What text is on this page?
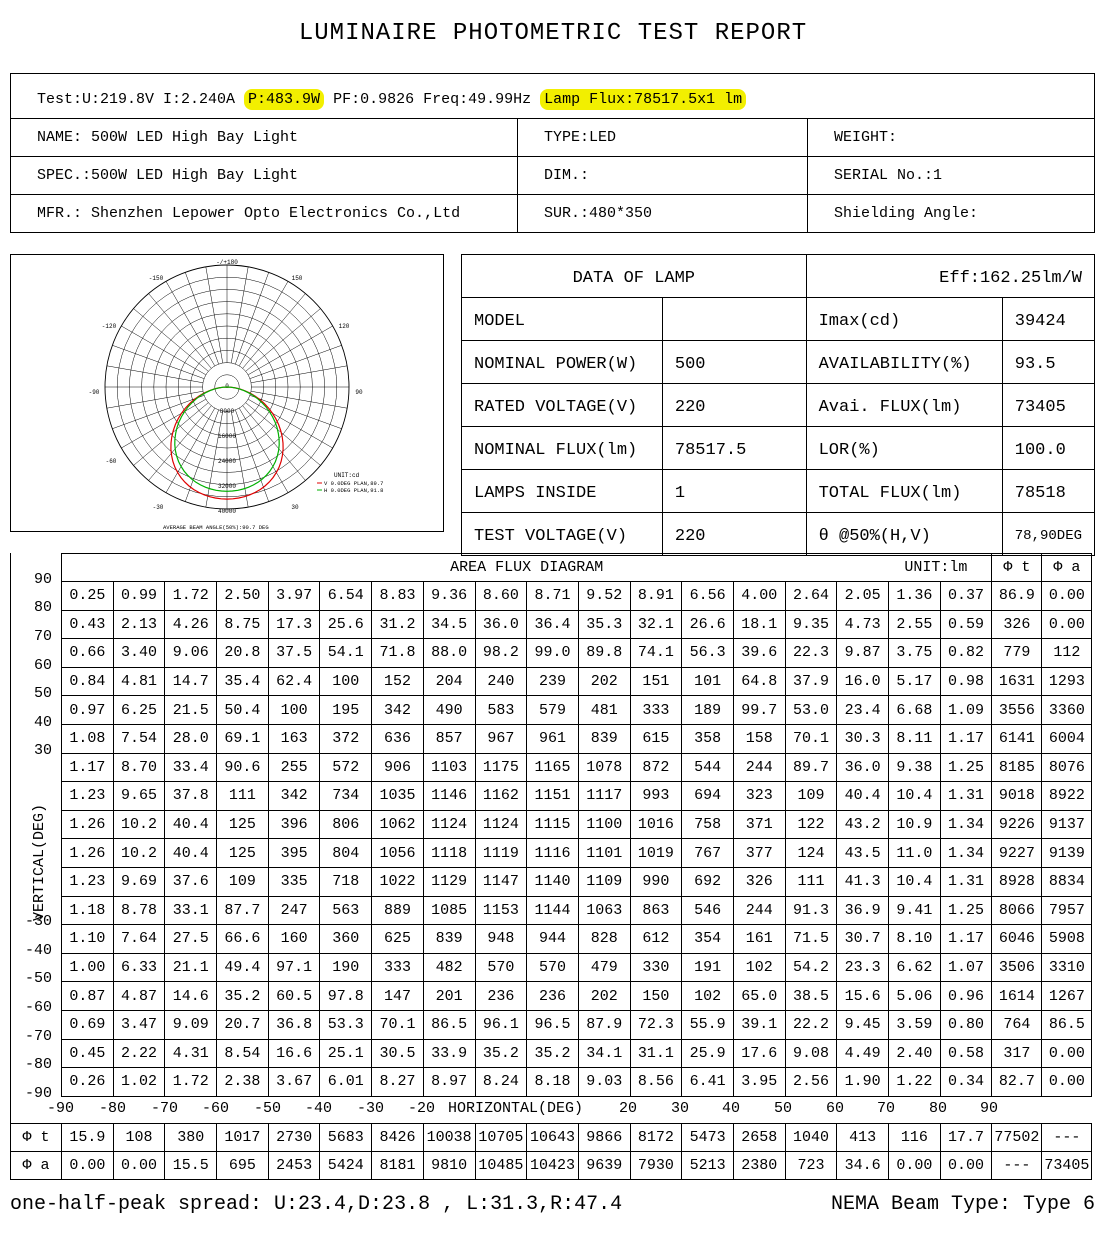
LUMINAIRE PHOTOMETRIC TEST REPORT
Test:U:219.8V I:2.240A P:483.9W PF:0.9826 Freq:49.99Hz Lamp Flux:78517.5x1 lm		
NAME: 500W LED High Bay Light	TYPE:LED	WEIGHT:
SPEC.:500W LED High Bay Light	DIM.:	SERIAL No.:1
MFR.: Shenzhen Lepower Opto Electronics Co.,Ltd	SUR.:480*350	Shielding Angle:
-/+180
-150	150
-120	120
-90	90
-60
-30	30
0
8000
16000
24000
32000
40000
UNIT:cd
V 0.0DEG PLAN,89.7
H 0.0DEG PLAN,91.8
AVERAGE BEAM ANGLE(50%):90.7 DEG
DATA OF LAMP		Eff:162.25lm/W	
MODEL		Imax(cd)	39424
NOMINAL POWER(W)	500	AVAILABILITY(%)	93.5
RATED VOLTAGE(V)	220	Avai. FLUX(lm)	73405
NOMINAL FLUX(lm)	78517.5	LOR(%)	100.0
LAMPS INSIDE	1	TOTAL FLUX(lm)	78518
TEST VOLTAGE(V)	220	θ @50%(H,V)	78,90DEG
90
80
70
60
50
40
30
-30
-40
-50
-60
-70
-80
-90
VERTICAL(DEG)
AREA FLUX DIAGRAM UNIT:lm																		Φ t	Φ a
0.25	0.99	1.72	2.50	3.97	6.54	8.83	9.36	8.60	8.71	9.52	8.91	6.56	4.00	2.64	2.05	1.36	0.37	86.9	0.00
0.43	2.13	4.26	8.75	17.3	25.6	31.2	34.5	36.0	36.4	35.3	32.1	26.6	18.1	9.35	4.73	2.55	0.59	326	0.00
0.66	3.40	9.06	20.8	37.5	54.1	71.8	88.0	98.2	99.0	89.8	74.1	56.3	39.6	22.3	9.87	3.75	0.82	779	112
0.84	4.81	14.7	35.4	62.4	100	152	204	240	239	202	151	101	64.8	37.9	16.0	5.17	0.98	1631	1293
0.97	6.25	21.5	50.4	100	195	342	490	583	579	481	333	189	99.7	53.0	23.4	6.68	1.09	3556	3360
1.08	7.54	28.0	69.1	163	372	636	857	967	961	839	615	358	158	70.1	30.3	8.11	1.17	6141	6004
1.17	8.70	33.4	90.6	255	572	906	1103	1175	1165	1078	872	544	244	89.7	36.0	9.38	1.25	8185	8076
1.23	9.65	37.8	111	342	734	1035	1146	1162	1151	1117	993	694	323	109	40.4	10.4	1.31	9018	8922
1.26	10.2	40.4	125	396	806	1062	1124	1124	1115	1100	1016	758	371	122	43.2	10.9	1.34	9226	9137
1.26	10.2	40.4	125	395	804	1056	1118	1119	1116	1101	1019	767	377	124	43.5	11.0	1.34	9227	9139
1.23	9.69	37.6	109	335	718	1022	1129	1147	1140	1109	990	692	326	111	41.3	10.4	1.31	8928	8834
1.18	8.78	33.1	87.7	247	563	889	1085	1153	1144	1063	863	546	244	91.3	36.9	9.41	1.25	8066	7957
1.10	7.64	27.5	66.6	160	360	625	839	948	944	828	612	354	161	71.5	30.7	8.10	1.17	6046	5908
1.00	6.33	21.1	49.4	97.1	190	333	482	570	570	479	330	191	102	54.2	23.3	6.62	1.07	3506	3310
0.87	4.87	14.6	35.2	60.5	97.8	147	201	236	236	202	150	102	65.0	38.5	15.6	5.06	0.96	1614	1267
0.69	3.47	9.09	20.7	36.8	53.3	70.1	86.5	96.1	96.5	87.9	72.3	55.9	39.1	22.2	9.45	3.59	0.80	764	86.5
0.45	2.22	4.31	8.54	16.6	25.1	30.5	33.9	35.2	35.2	34.1	31.1	25.9	17.6	9.08	4.49	2.40	0.58	317	0.00
0.26	1.02	1.72	2.38	3.67	6.01	8.27	8.97	8.24	8.18	9.03	8.56	6.41	3.95	2.56	1.90	1.22	0.34	82.7	0.00
HORIZONTAL(DEG)
-90 -80 -70 -60 -50 -40 -30 -20	20 30 40 50 60 70 80 90
Φ t	15.9	108	380	1017	2730	5683	8426	10038	10705	10643	9866	8172	5473	2658	1040	413	116	17.7	77502	---
Φ a	0.00	0.00	15.5	695	2453	5424	8181	9810	10485	10423	9639	7930	5213	2380	723	34.6	0.00	0.00	---	73405
one-half-peak spread: U:23.4,D:23.8 , L:31.3,R:47.4	NEMA Beam Type: Type 6
